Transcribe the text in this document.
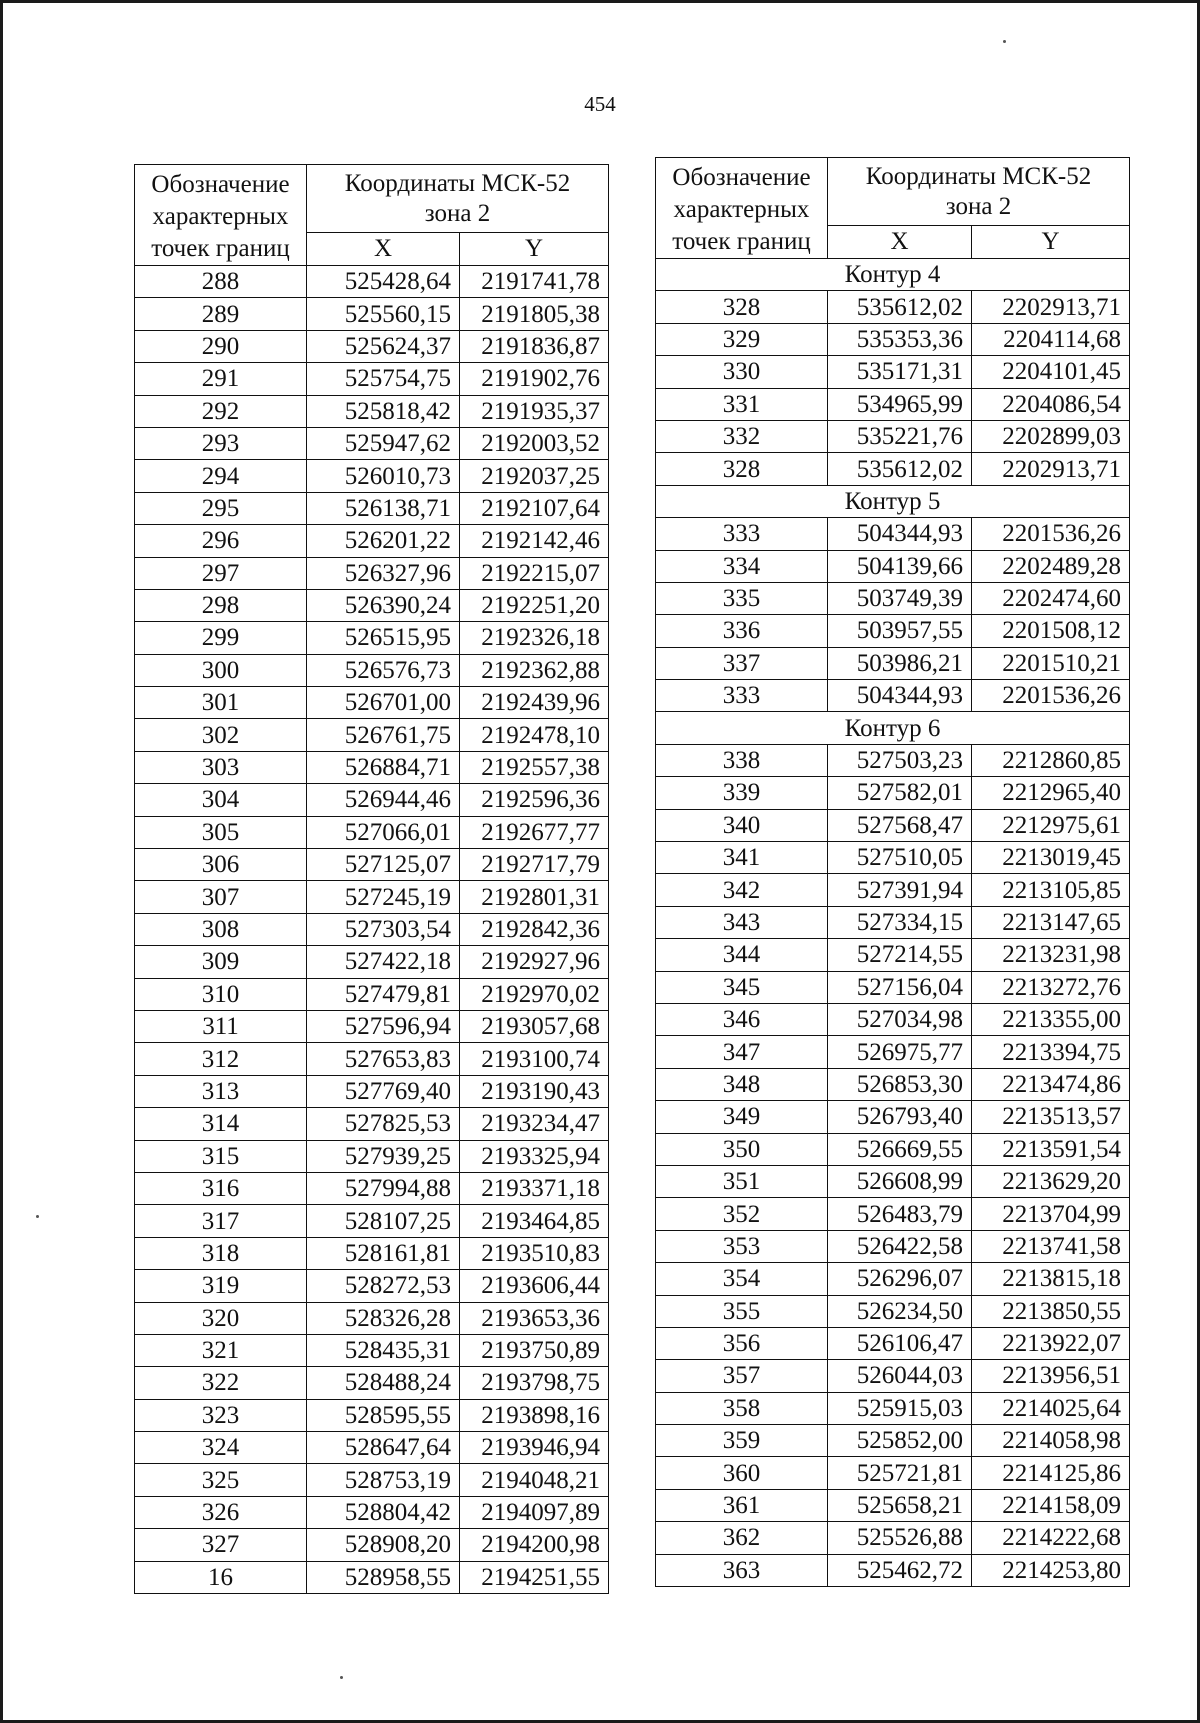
454
Обозначение
характерных
точек границ	Координаты МСК-52
зона 2	

	X	Y
288	525428,64	2191741,78
289	525560,15	2191805,38
290	525624,37	2191836,87
291	525754,75	2191902,76
292	525818,42	2191935,37
293	525947,62	2192003,52
294	526010,73	2192037,25
295	526138,71	2192107,64
296	526201,22	2192142,46
297	526327,96	2192215,07
298	526390,24	2192251,20
299	526515,95	2192326,18
300	526576,73	2192362,88
301	526701,00	2192439,96
302	526761,75	2192478,10
303	526884,71	2192557,38
304	526944,46	2192596,36
305	527066,01	2192677,77
306	527125,07	2192717,79
307	527245,19	2192801,31
308	527303,54	2192842,36
309	527422,18	2192927,96
310	527479,81	2192970,02
311	527596,94	2193057,68
312	527653,83	2193100,74
313	527769,40	2193190,43
314	527825,53	2193234,47
315	527939,25	2193325,94
316	527994,88	2193371,18
317	528107,25	2193464,85
318	528161,81	2193510,83
319	528272,53	2193606,44
320	528326,28	2193653,36
321	528435,31	2193750,89
322	528488,24	2193798,75
323	528595,55	2193898,16
324	528647,64	2193946,94
325	528753,19	2194048,21
326	528804,42	2194097,89
327	528908,20	2194200,98
16	528958,55	2194251,55
Обозначение
характерных
точек границ	Координаты МСК-52
зона 2	

	X	Y
Контур 4		
328	535612,02	2202913,71
329	535353,36	2204114,68
330	535171,31	2204101,45
331	534965,99	2204086,54
332	535221,76	2202899,03
328	535612,02	2202913,71
Контур 5		
333	504344,93	2201536,26
334	504139,66	2202489,28
335	503749,39	2202474,60
336	503957,55	2201508,12
337	503986,21	2201510,21
333	504344,93	2201536,26
Контур 6		
338	527503,23	2212860,85
339	527582,01	2212965,40
340	527568,47	2212975,61
341	527510,05	2213019,45
342	527391,94	2213105,85
343	527334,15	2213147,65
344	527214,55	2213231,98
345	527156,04	2213272,76
346	527034,98	2213355,00
347	526975,77	2213394,75
348	526853,30	2213474,86
349	526793,40	2213513,57
350	526669,55	2213591,54
351	526608,99	2213629,20
352	526483,79	2213704,99
353	526422,58	2213741,58
354	526296,07	2213815,18
355	526234,50	2213850,55
356	526106,47	2213922,07
357	526044,03	2213956,51
358	525915,03	2214025,64
359	525852,00	2214058,98
360	525721,81	2214125,86
361	525658,21	2214158,09
362	525526,88	2214222,68
363	525462,72	2214253,80
